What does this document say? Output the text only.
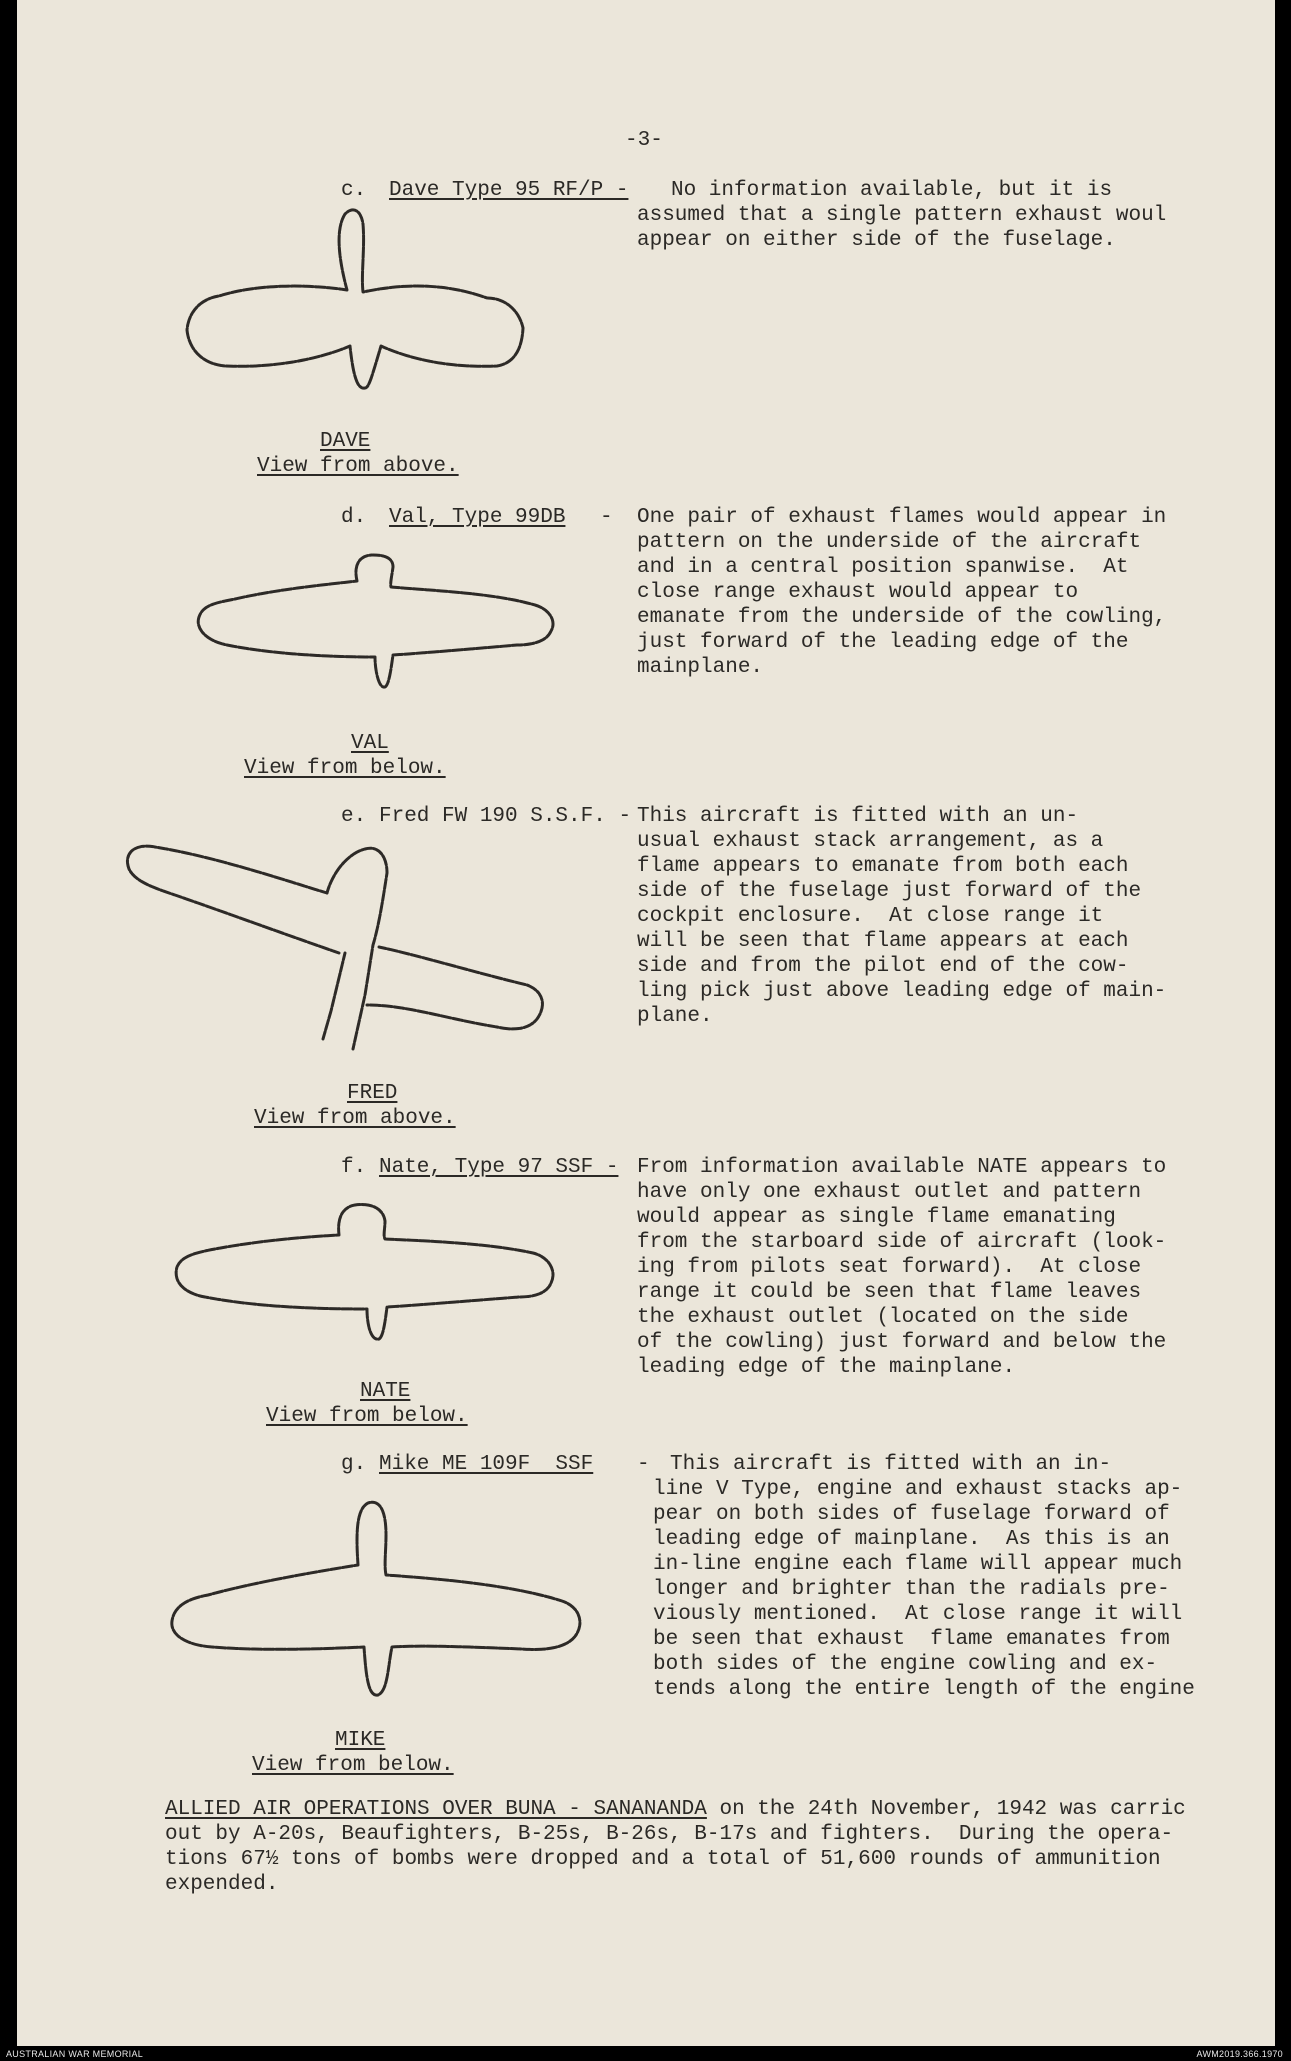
-3-
c. Dave Type 95 RF/P - No information available, but it is
assumed that a single pattern exhaust woul
appear on either side of the fuselage.
DAVE
View from above.
d. Val, Type 99DB - One pair of exhaust flames would appear in
pattern on the underside of the aircraft
and in a central position spanwise.  At
close range exhaust would appear to
emanate from the underside of the cowling,
just forward of the leading edge of the
mainplane.
VAL
View from below.
e. Fred FW 190 S.S.F. - This aircraft is fitted with an un-
usual exhaust stack arrangement, as a
flame appears to emanate from both each
side of the fuselage just forward of the
cockpit enclosure.  At close range it
will be seen that flame appears at each
side and from the pilot end of the cow-
ling pick just above leading edge of main-
plane.
FRED
View from above.
f. Nate, Type 97 SSF - From information available NATE appears to
have only one exhaust outlet and pattern
would appear as single flame emanating
from the starboard side of aircraft (look-
ing from pilots seat forward).  At close
range it could be seen that flame leaves
the exhaust outlet (located on the side
of the cowling) just forward and below the
leading edge of the mainplane.
NATE
View from below.
g. Mike ME 109F  SSF - This aircraft is fitted with an in-
line V Type, engine and exhaust stacks ap-
pear on both sides of fuselage forward of
leading edge of mainplane.  As this is an
in-line engine each flame will appear much
longer and brighter than the radials pre-
viously mentioned.  At close range it will
be seen that exhaust  flame emanates from
both sides of the engine cowling and ex-
tends along the entire length of the engine
MIKE
View from below.
ALLIED AIR OPERATIONS OVER BUNA - SANANANDA on the 24th November, 1942 was carric
out by A-20s, Beaufighters, B-25s, B-26s, B-17s and fighters.  During the opera-
tions 67½ tons of bombs were dropped and a total of 51,600 rounds of ammunition
expended.
AUSTRALIAN WAR MEMORIAL	AWM2019.366.1970
